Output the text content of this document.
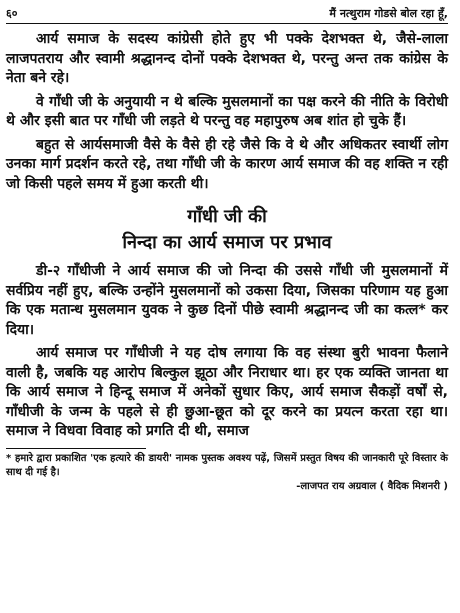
६०	मैं नत्थुराम गोडसे बोल रहा हूँ,

आर्य समाज के सदस्य कांग्रेसी होते हुए भी पक्के देशभक्त थे, जैसे-लाला लाजपतराय और स्वामी श्रद्धानन्द दोनों पक्के देशभक्त थे, परन्तु अन्त तक कांग्रेस के नेता बने रहे।

वे गाँधी जी के अनुयायी न थे बल्कि मुसलमानों का पक्ष करने की नीति के विरोधी थे और इसी बात पर गाँधी जी लड़ते थे परन्तु वह महापुरुष अब शांत हो चुके हैं।

बहुत से आर्यसमाजी वैसे के वैसे ही रहे जैसे कि वे थे और अधिकतर स्वार्थी लोग उनका मार्ग प्रदर्शन करते रहे, तथा गाँधी जी के कारण आर्य समाज की वह शक्ति न रही जो किसी पहले समय में हुआ करती थी।

गाँधी जी की
निन्दा का आर्य समाज पर प्रभाव

डी-२ गाँधीजी ने आर्य समाज की जो निन्दा की उससे गाँधी जी मुसलमानों में सर्वप्रिय नहीं हुए, बल्कि उन्होंने मुसलमानों को उकसा दिया, जिसका परिणाम यह हुआ कि एक मतान्ध मुसलमान युवक ने कुछ दिनों पीछे स्वामी श्रद्धानन्द जी का कत्ल* कर दिया।

आर्य समाज पर गाँधीजी ने यह दोष लगाया कि वह संस्था बुरी भावना फैलाने वाली है, जबकि यह आरोप बिल्कुल झूठा और निराधार था। हर एक व्यक्ति जानता था कि आर्य समाज ने हिन्दू समाज में अनेकों सुधार किए, आर्य समाज सैकड़ों वर्षों से, गाँधीजी के जन्म के पहले से ही छुआ-छूत को दूर करने का प्रयत्न करता रहा था। समाज ने विधवा विवाह को प्रगति दी थी, समाज

* हमारे द्वारा प्रकाशित 'एक हत्यारे की डायरी' नामक पुस्तक अवश्य पढ़ें, जिसमें प्रस्तुत विषय की जानकारी पूरे विस्तार के साथ दी गई है।

-लाजपत राय अग्रवाल ( वैदिक मिशनरी )
